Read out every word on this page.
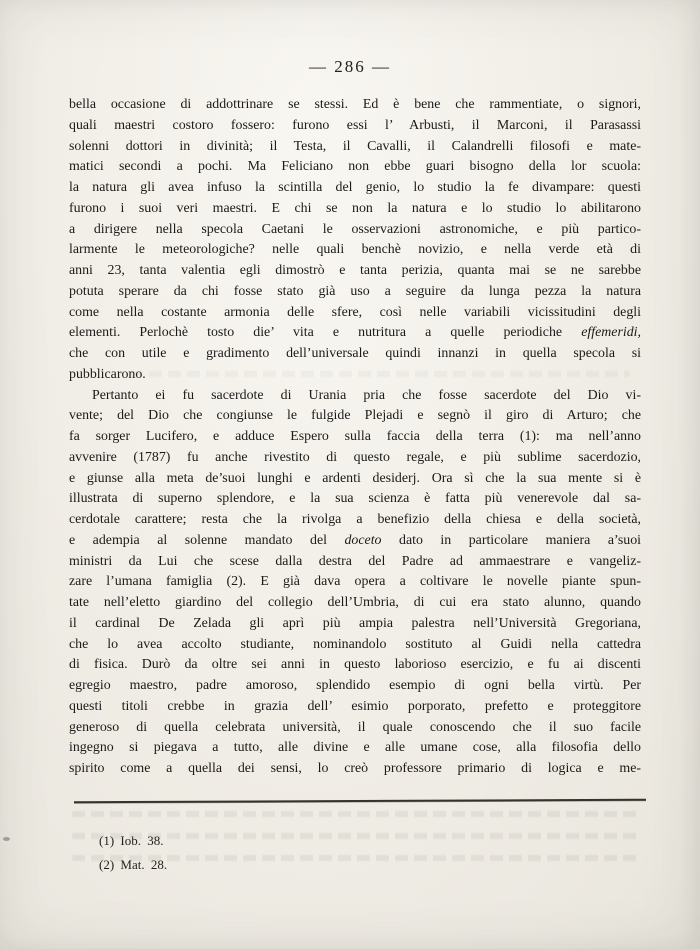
— 286 —
bella occasione di addottrinare se stessi. Ed è bene che rammentiate, o signori,
quali maestri costoro fossero: furono essi l’ Arbusti, il Marconi, il Parasassi
solenni dottori in divinità; il Testa, il Cavalli, il Calandrelli filosofi e mate-
matici secondi a pochi. Ma Feliciano non ebbe guari bisogno della lor scuola:
la natura gli avea infuso la scintilla del genio, lo studio la fe divampare: questi
furono i suoi veri maestri. E chi se non la natura e lo studio lo abilitarono
a dirigere nella specola Caetani le osservazioni astronomiche, e più partico-
larmente le meteorologiche? nelle quali benchè novizio, e nella verde età di
anni 23, tanta valentia egli dimostrò e tanta perizia, quanta mai se ne sarebbe
potuta sperare da chi fosse stato già uso a seguire da lunga pezza la natura
come nella costante armonia delle sfere, così nelle variabili vicissitudini degli
elementi. Perlochè tosto die’ vita e nutritura a quelle periodiche effemeridi,
che con utile e gradimento dell’universale quindi innanzi in quella specola si
pubblicarono.
Pertanto ei fu sacerdote di Urania pria che fosse sacerdote del Dio vi-
vente; del Dio che congiunse le fulgide Plejadi e segnò il giro di Arturo; che
fa sorger Lucifero, e adduce Espero sulla faccia della terra (1): ma nell’anno
avvenire (1787) fu anche rivestito di questo regale, e più sublime sacerdozio,
e giunse alla meta de’suoi lunghi e ardenti desiderj. Ora sì che la sua mente si è
illustrata di superno splendore, e la sua scienza è fatta più venerevole dal sa-
cerdotale carattere; resta che la rivolga a benefizio della chiesa e della società,
e adempia al solenne mandato del doceto dato in particolare maniera a’suoi
ministri da Lui che scese dalla destra del Padre ad ammaestrare e vangeliz-
zare l’umana famiglia (2). E già dava opera a coltivare le novelle piante spun-
tate nell’eletto giardino del collegio dell’Umbria, di cui era stato alunno, quando
il cardinal De Zelada gli aprì più ampia palestra nell’Università Gregoriana,
che lo avea accolto studiante, nominandolo sostituto al Guidi nella cattedra
di fisica. Durò da oltre sei anni in questo laborioso esercizio, e fu ai discenti
egregio maestro, padre amoroso, splendido esempio di ogni bella virtù. Per
questi titoli crebbe in grazia dell’ esimio porporato, prefetto e proteggitore
generoso di quella celebrata università, il quale conoscendo che il suo facile
ingegno si piegava a tutto, alle divine e alle umane cose, alla filosofia dello
spirito come a quella dei sensi, lo creò professore primario di logica e me-
(1) Iob. 38.
(2) Mat. 28.
